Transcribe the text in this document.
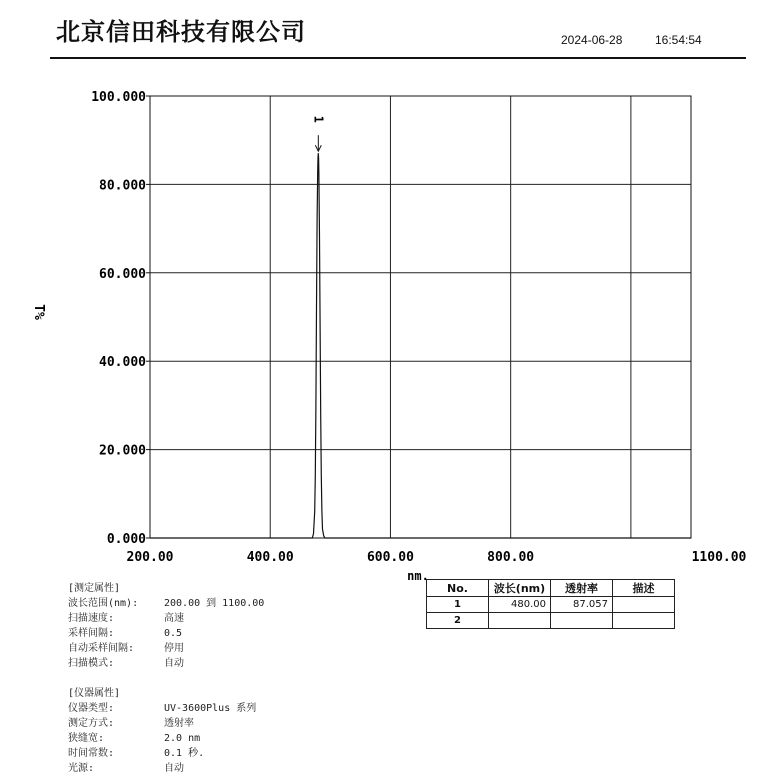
北京信田科技有限公司	2024-06-28	16:54:54
0.000
20.000
40.000
60.000
80.000
100.000
200.00	400.00	600.00	800.00	1100.00
T%
nm.
1
[测定属性]
波长范围(nm):	200.00 到 1100.00
扫描速度:	高速
采样间隔:	0.5
自动采样间隔:	停用
扫描模式:	自动
[仪器属性]
仪器类型:	UV-3600Plus 系列
测定方式:	透射率
狭缝宽:	2.0 nm
时间常数:	0.1 秒.
光源:	自动
No.	波长(nm)	透射率	描述
1	480.00	87.057	
2			
